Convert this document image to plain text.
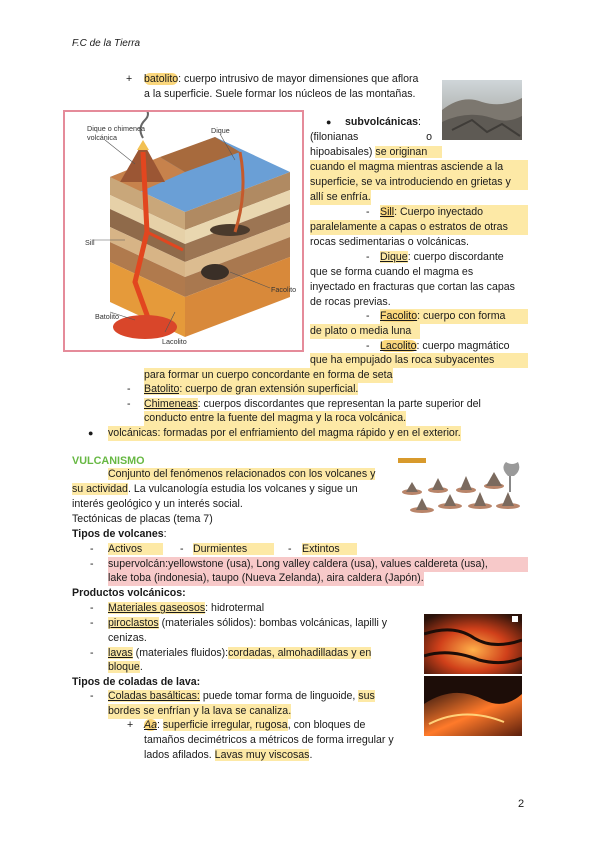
F.C de la Tierra
+ batolito: cuerpo intrusivo de mayor dimensiones que aflora
a la superficie. Suele formar los núcleos de las montañas.
Dique o chimenea
volcánica
Dique
Sill
Facolito
Batolito
Lacolito
● subvolcánicas:
(filonianas	o
hipoabisales) se originan
cuando el magma mientras asciende a la
superficie, se va introduciendo en grietas y
allí se enfría.
- Sill: Cuerpo inyectado
paralelamente a capas o estratos de otras
rocas sedimentarias o volcánicas.
- Dique: cuerpo discordante
que se forma cuando el magma es
inyectado en fracturas que cortan las capas
de rocas previas.
- Facolito: cuerpo con forma
de plato o media luna
- Lacolito: cuerpo magmático
que ha empujado las roca subyacentes
para formar un cuerpo concordante en forma de seta
- Batolito: cuerpo de gran extensión superficial.
- Chimeneas: cuerpos discordantes que representan la parte superior del
conducto entre la fuente del magma y la roca volcánica.
● volcánicas: formadas por el enfriamiento del magma rápido y en el exterior.
VULCANISMO
Conjunto del fenómenos relacionados con los volcanes y
su actividad. La vulcanología estudia los volcanes y sigue un
interés geológico y un interés social.
Tectónicas de placas (tema 7)
Tipos de volcanes:
- Activos	- Durmientes	- Extintos
- supervolcán:yellowstone (usa), Long valley caldera (usa), values caldereta (usa),
lake toba (indonesia), taupo (Nueva Zelanda), aira caldera (Japón).
Productos volcánicos:
- Materiales gaseosos: hidrotermal
- piroclastos (materiales sólidos): bombas volcánicas, lapilli y
cenizas.
- lavas (materiales fluidos):cordadas, almohadilladas y en
bloque.
Tipos de coladas de lava:
- Coladas basálticas: puede tomar forma de linguoide, sus
bordes se enfrían y la lava se canaliza.
+ Aa: superficie irregular, rugosa, con bloques de
tamaños decimétricos a métricos de forma irregular y
lados afilados. Lavas muy viscosas.
2
